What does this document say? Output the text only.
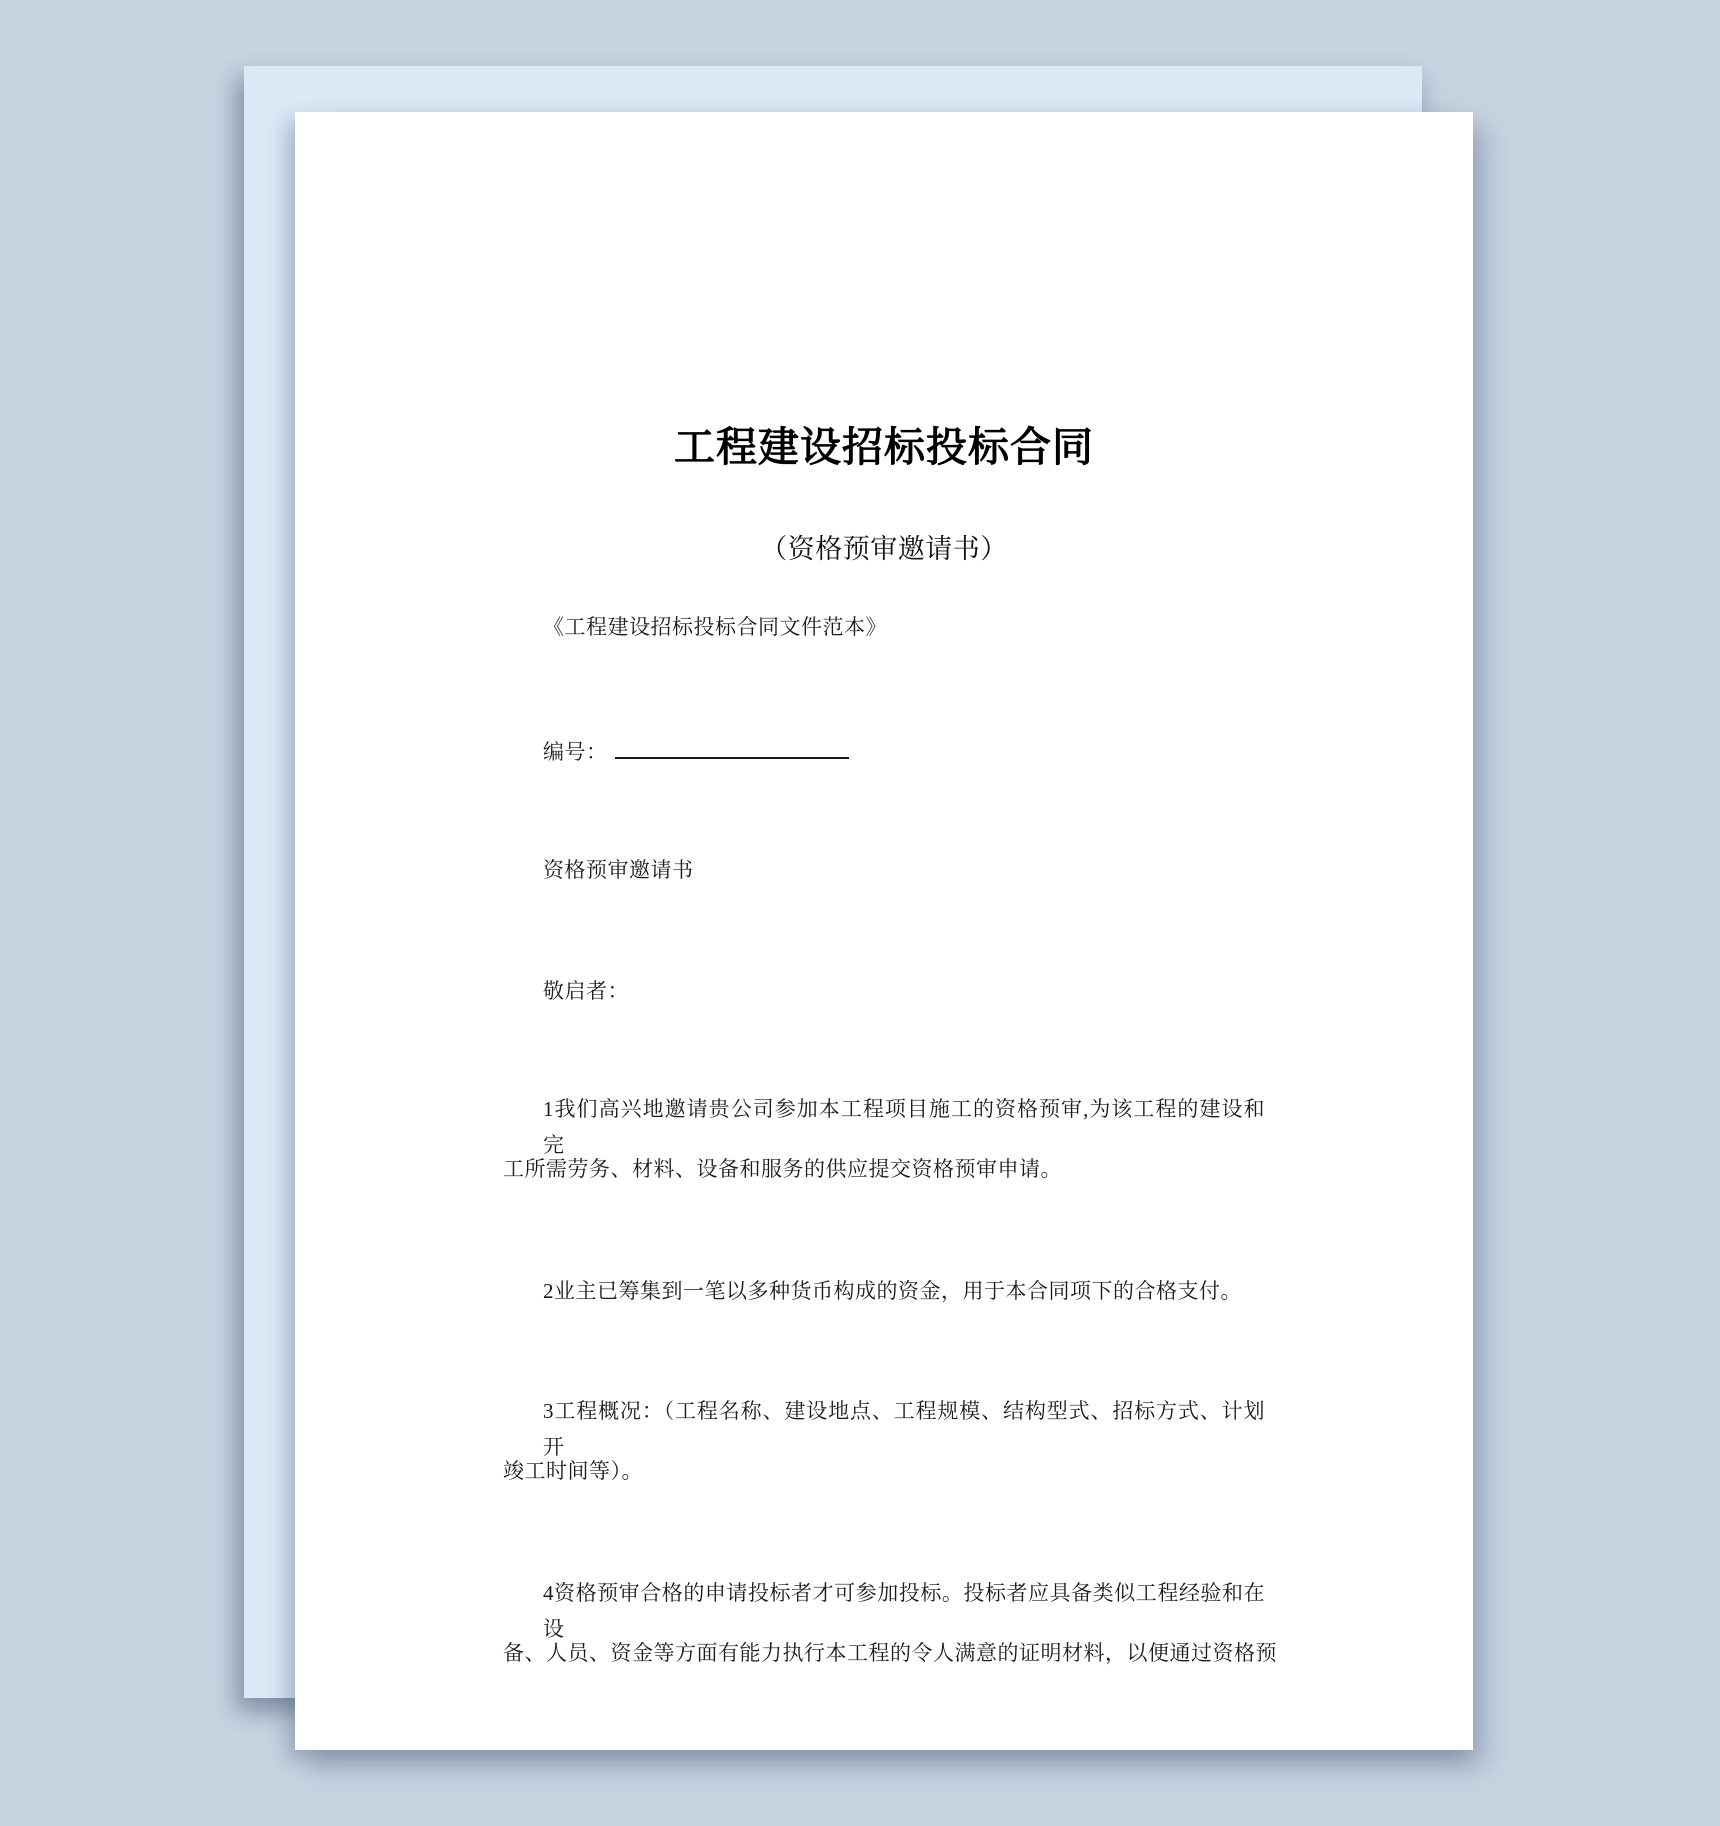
工程建设招标投标合同
（资格预审邀请书）
《工程建设招标投标合同文件范本》
编号：
资格预审邀请书
敬启者：
1我们高兴地邀请贵公司参加本工程项目施工的资格预审,为该工程的建设和完
工所需劳务、材料、设备和服务的供应提交资格预审申请。
2业主已筹集到一笔以多种货币构成的资金，用于本合同项下的合格支付。
3工程概况：（工程名称、建设地点、工程规模、结构型式、招标方式、计划开
竣工时间等）。
4资格预审合格的申请投标者才可参加投标。投标者应具备类似工程经验和在设
备、人员、资金等方面有能力执行本工程的令人满意的证明材料，以便通过资格预
